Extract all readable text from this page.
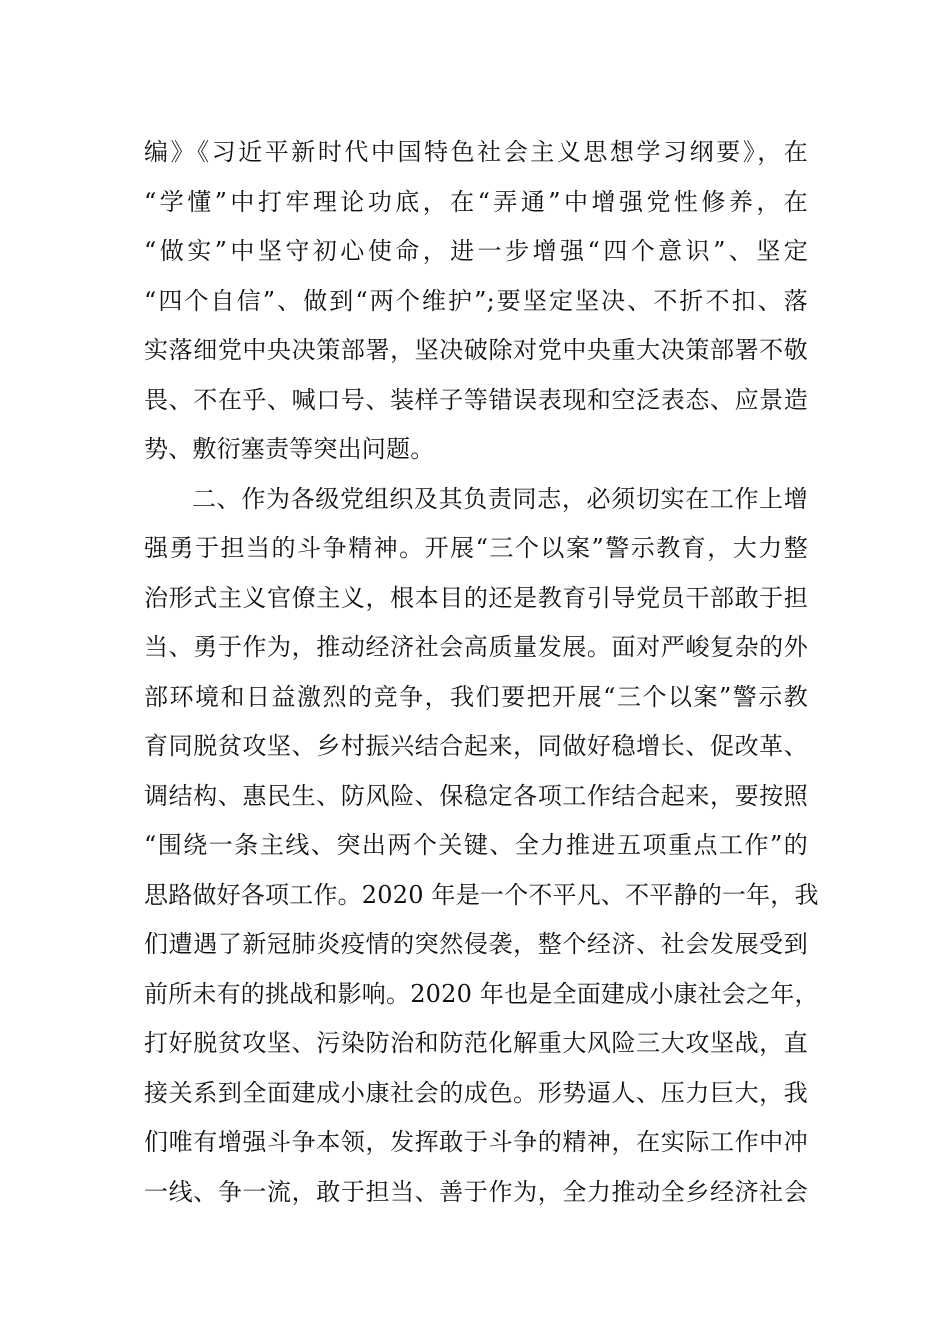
编》《习近平新时代中国特色社会主义思想学习纲要》，在
“学懂”中打牢理论功底，在“弄通”中增强党性修养，在
“做实”中坚守初心使命，进一步增强“四个意识”、坚定
“四个自信”、做到“两个维护”;要坚定坚决、不折不扣、落
实落细党中央决策部署，坚决破除对党中央重大决策部署不敬
畏、不在乎、喊口号、装样子等错误表现和空泛表态、应景造
势、敷衍塞责等突出问题。
二、作为各级党组织及其负责同志，必须切实在工作上增
强勇于担当的斗争精神。开展“三个以案”警示教育，大力整
治形式主义官僚主义，根本目的还是教育引导党员干部敢于担
当、勇于作为，推动经济社会高质量发展。面对严峻复杂的外
部环境和日益激烈的竞争，我们要把开展“三个以案”警示教
育同脱贫攻坚、乡村振兴结合起来，同做好稳增长、促改革、
调结构、惠民生、防风险、保稳定各项工作结合起来，要按照
“围绕一条主线、突出两个关键、全力推进五项重点工作”的
思路做好各项工作。2020 年是一个不平凡、不平静的一年，我
们遭遇了新冠肺炎疫情的突然侵袭，整个经济、社会发展受到
前所未有的挑战和影响。2020 年也是全面建成小康社会之年，
打好脱贫攻坚、污染防治和防范化解重大风险三大攻坚战，直
接关系到全面建成小康社会的成色。形势逼人、压力巨大，我
们唯有增强斗争本领，发挥敢于斗争的精神，在实际工作中冲
一线、争一流，敢于担当、善于作为，全力推动全乡经济社会
